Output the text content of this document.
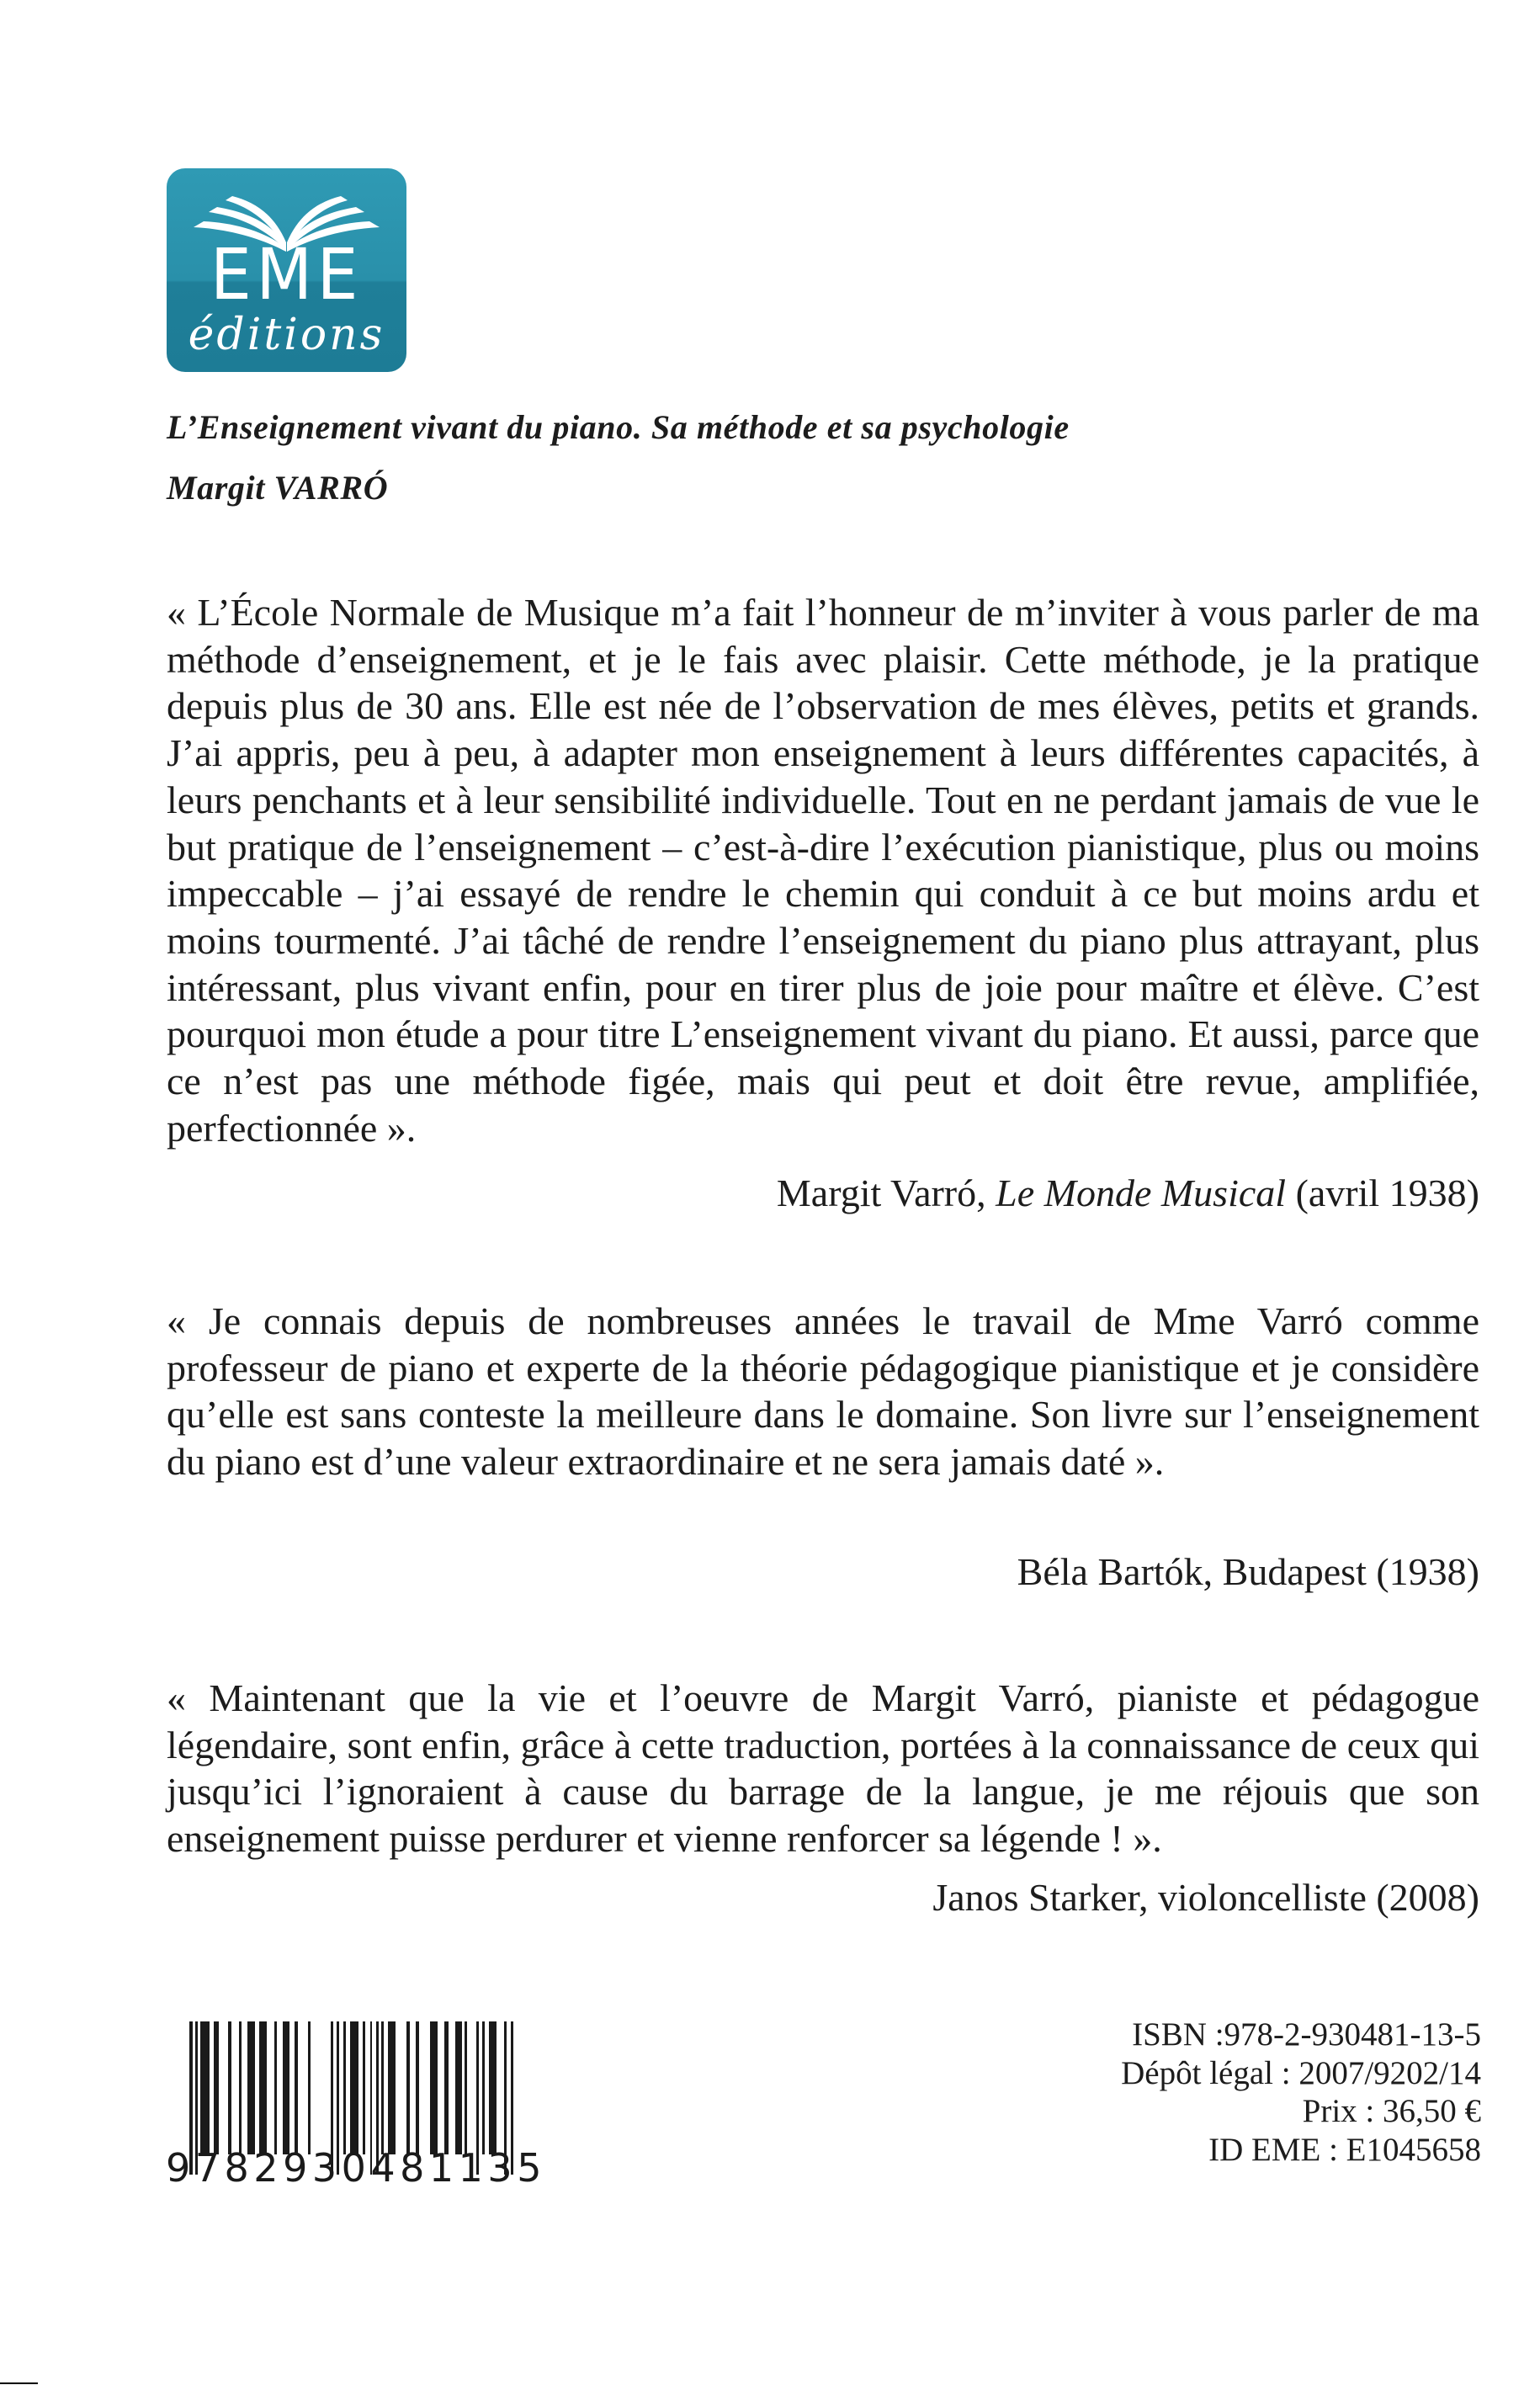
EME
éditions
L’Enseignement vivant du piano. Sa méthode et sa psychologie
Margit VARRÓ
« L’École Normale de Musique m’a fait l’honneur de m’inviter à vous parler de ma méthode d’enseignement, et je le fais avec plaisir. Cette méthode, je la pratique depuis plus de 30 ans. Elle est née de l’observation de mes élèves, petits et grands. J’ai appris, peu à peu, à adapter mon enseignement à leurs différentes capacités, à leurs penchants et à leur sensibilité individuelle. Tout en ne perdant jamais de vue le but pratique de l’enseignement – c’est-à-dire l’exécution pianistique, plus ou moins impeccable – j’ai essayé de rendre le chemin qui conduit à ce but moins ardu et moins tourmenté. J’ai tâché de rendre l’enseignement du piano plus attrayant, plus intéressant, plus vivant enfin, pour en tirer plus de joie pour maître et élève. C’est pourquoi mon étude a pour titre L’enseignement vivant du piano. Et aussi, parce que ce n’est pas une méthode figée, mais qui peut et doit être revue, amplifiée, perfectionnée ».
Margit Varró, Le Monde Musical (avril 1938)
« Je connais depuis de nombreuses années le travail de Mme Varró comme professeur de piano et experte de la théorie pédagogique pianistique et je considère qu’elle est sans conteste la meilleure dans le domaine. Son livre sur l’enseignement du piano est d’une valeur extraordinaire et ne sera jamais daté ».
Béla Bartók, Budapest (1938)
« Maintenant que la vie et l’oeuvre de Margit Varró, pianiste et pédagogue légendaire, sont enfin, grâce à cette traduction, portées à la connaissance de ceux qui jusqu’ici l’ignoraient à cause du barrage de la langue, je me réjouis que son enseignement puisse perdurer et vienne renforcer sa légende ! ».
Janos Starker, violoncelliste (2008)
9782930481135
ISBN :978-2-930481-13-5
Dépôt légal : 2007/9202/14
Prix : 36,50 €
ID EME : E1045658
